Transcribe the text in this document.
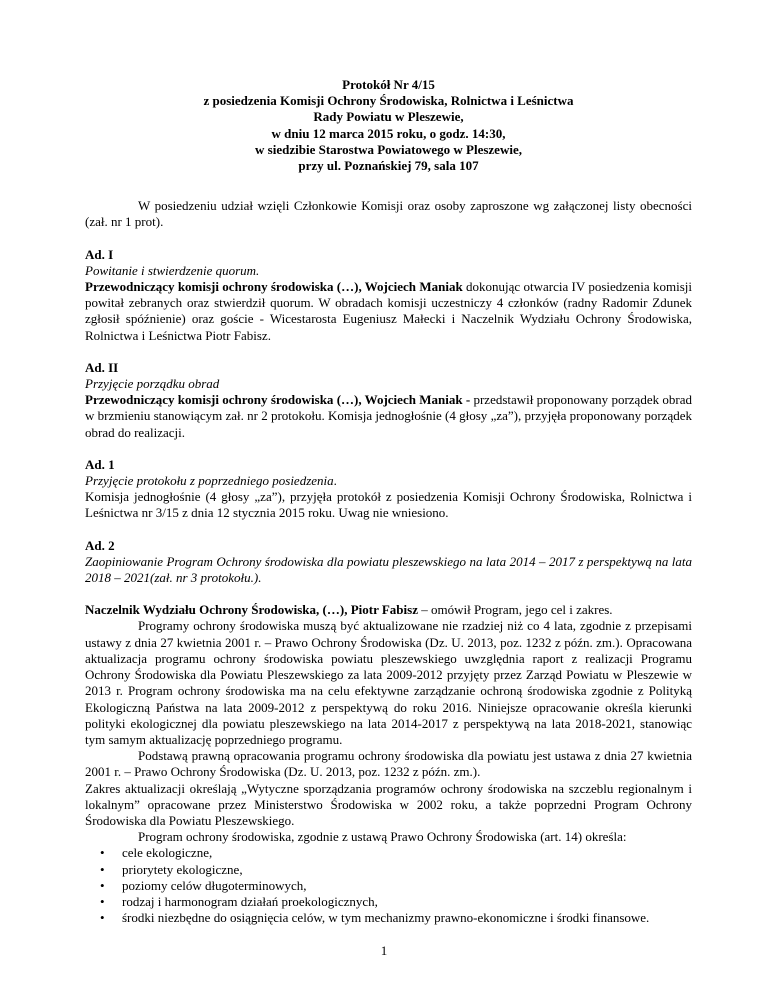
Protokół Nr 4/15
z posiedzenia Komisji Ochrony Środowiska, Rolnictwa i Leśnictwa
Rady Powiatu w Pleszewie,
w dniu 12 marca 2015 roku, o godz. 14:30,
w siedzibie Starostwa Powiatowego w Pleszewie,
przy ul. Poznańskiej 79, sala 107

W posiedzeniu udział wzięli Członkowie Komisji oraz osoby zaproszone wg załączonej listy obecności (zał. nr 1 prot).

Ad. I

Powitanie i stwierdzenie quorum.

Przewodniczący komisji ochrony środowiska (…), Wojciech Maniak dokonując otwarcia IV posiedzenia komisji powitał zebranych oraz stwierdził quorum. W obradach komisji uczestniczy 4 członków (radny Radomir Zdunek zgłosił spóźnienie) oraz goście - Wicestarosta Eugeniusz Małecki i Naczelnik Wydziału Ochrony Środowiska, Rolnictwa i Leśnictwa Piotr Fabisz.

Ad. II

Przyjęcie porządku obrad

Przewodniczący komisji ochrony środowiska (…), Wojciech Maniak - przedstawił proponowany porządek obrad w brzmieniu stanowiącym zał. nr 2 protokołu. Komisja jednogłośnie (4 głosy „za”), przyjęła proponowany porządek obrad do realizacji.

Ad. 1

Przyjęcie protokołu z poprzedniego posiedzenia.

Komisja jednogłośnie (4 głosy „za”), przyjęła protokół z posiedzenia Komisji Ochrony Środowiska, Rolnictwa i Leśnictwa nr 3/15 z dnia 12 stycznia 2015 roku. Uwag nie wniesiono.

Ad. 2

Zaopiniowanie Program Ochrony środowiska dla powiatu pleszewskiego na lata 2014 – 2017 z perspektywą na lata 2018 – 2021(zał. nr 3 protokołu.).

Naczelnik Wydziału Ochrony Środowiska, (…), Piotr Fabisz – omówił Program, jego cel i zakres.

Programy ochrony środowiska muszą być aktualizowane nie rzadziej niż co 4 lata, zgodnie z przepisami ustawy z dnia 27 kwietnia 2001 r. – Prawo Ochrony Środowiska (Dz. U. 2013, poz. 1232 z późn. zm.). Opracowana aktualizacja programu ochrony środowiska powiatu pleszewskiego uwzględnia raport z realizacji Programu Ochrony Środowiska dla Powiatu Pleszewskiego za lata 2009-2012 przyjęty przez Zarząd Powiatu w Pleszewie w 2013 r. Program ochrony środowiska ma na celu efektywne zarządzanie ochroną środowiska zgodnie z Polityką Ekologiczną Państwa na lata 2009-2012 z perspektywą do roku 2016. Niniejsze opracowanie określa kierunki polityki ekologicznej dla powiatu pleszewskiego na lata 2014-2017 z perspektywą na lata 2018-2021, stanowiąc tym samym aktualizację poprzedniego programu.

Podstawą prawną opracowania programu ochrony środowiska dla powiatu jest ustawa z dnia 27 kwietnia 2001 r. – Prawo Ochrony Środowiska (Dz. U. 2013, poz. 1232 z późn. zm.).

Zakres aktualizacji określają „Wytyczne sporządzania programów ochrony środowiska na szczeblu regionalnym i lokalnym” opracowane przez Ministerstwo Środowiska w 2002 roku, a także poprzedni Program Ochrony Środowiska dla Powiatu Pleszewskiego.

Program ochrony środowiska, zgodnie z ustawą Prawo Ochrony Środowiska (art. 14) określa:

• cele ekologiczne,
• priorytety ekologiczne,
• poziomy celów długoterminowych,
• rodzaj i harmonogram działań proekologicznych,
• środki niezbędne do osiągnięcia celów, w tym mechanizmy prawno-ekonomiczne i środki finansowe.
1
